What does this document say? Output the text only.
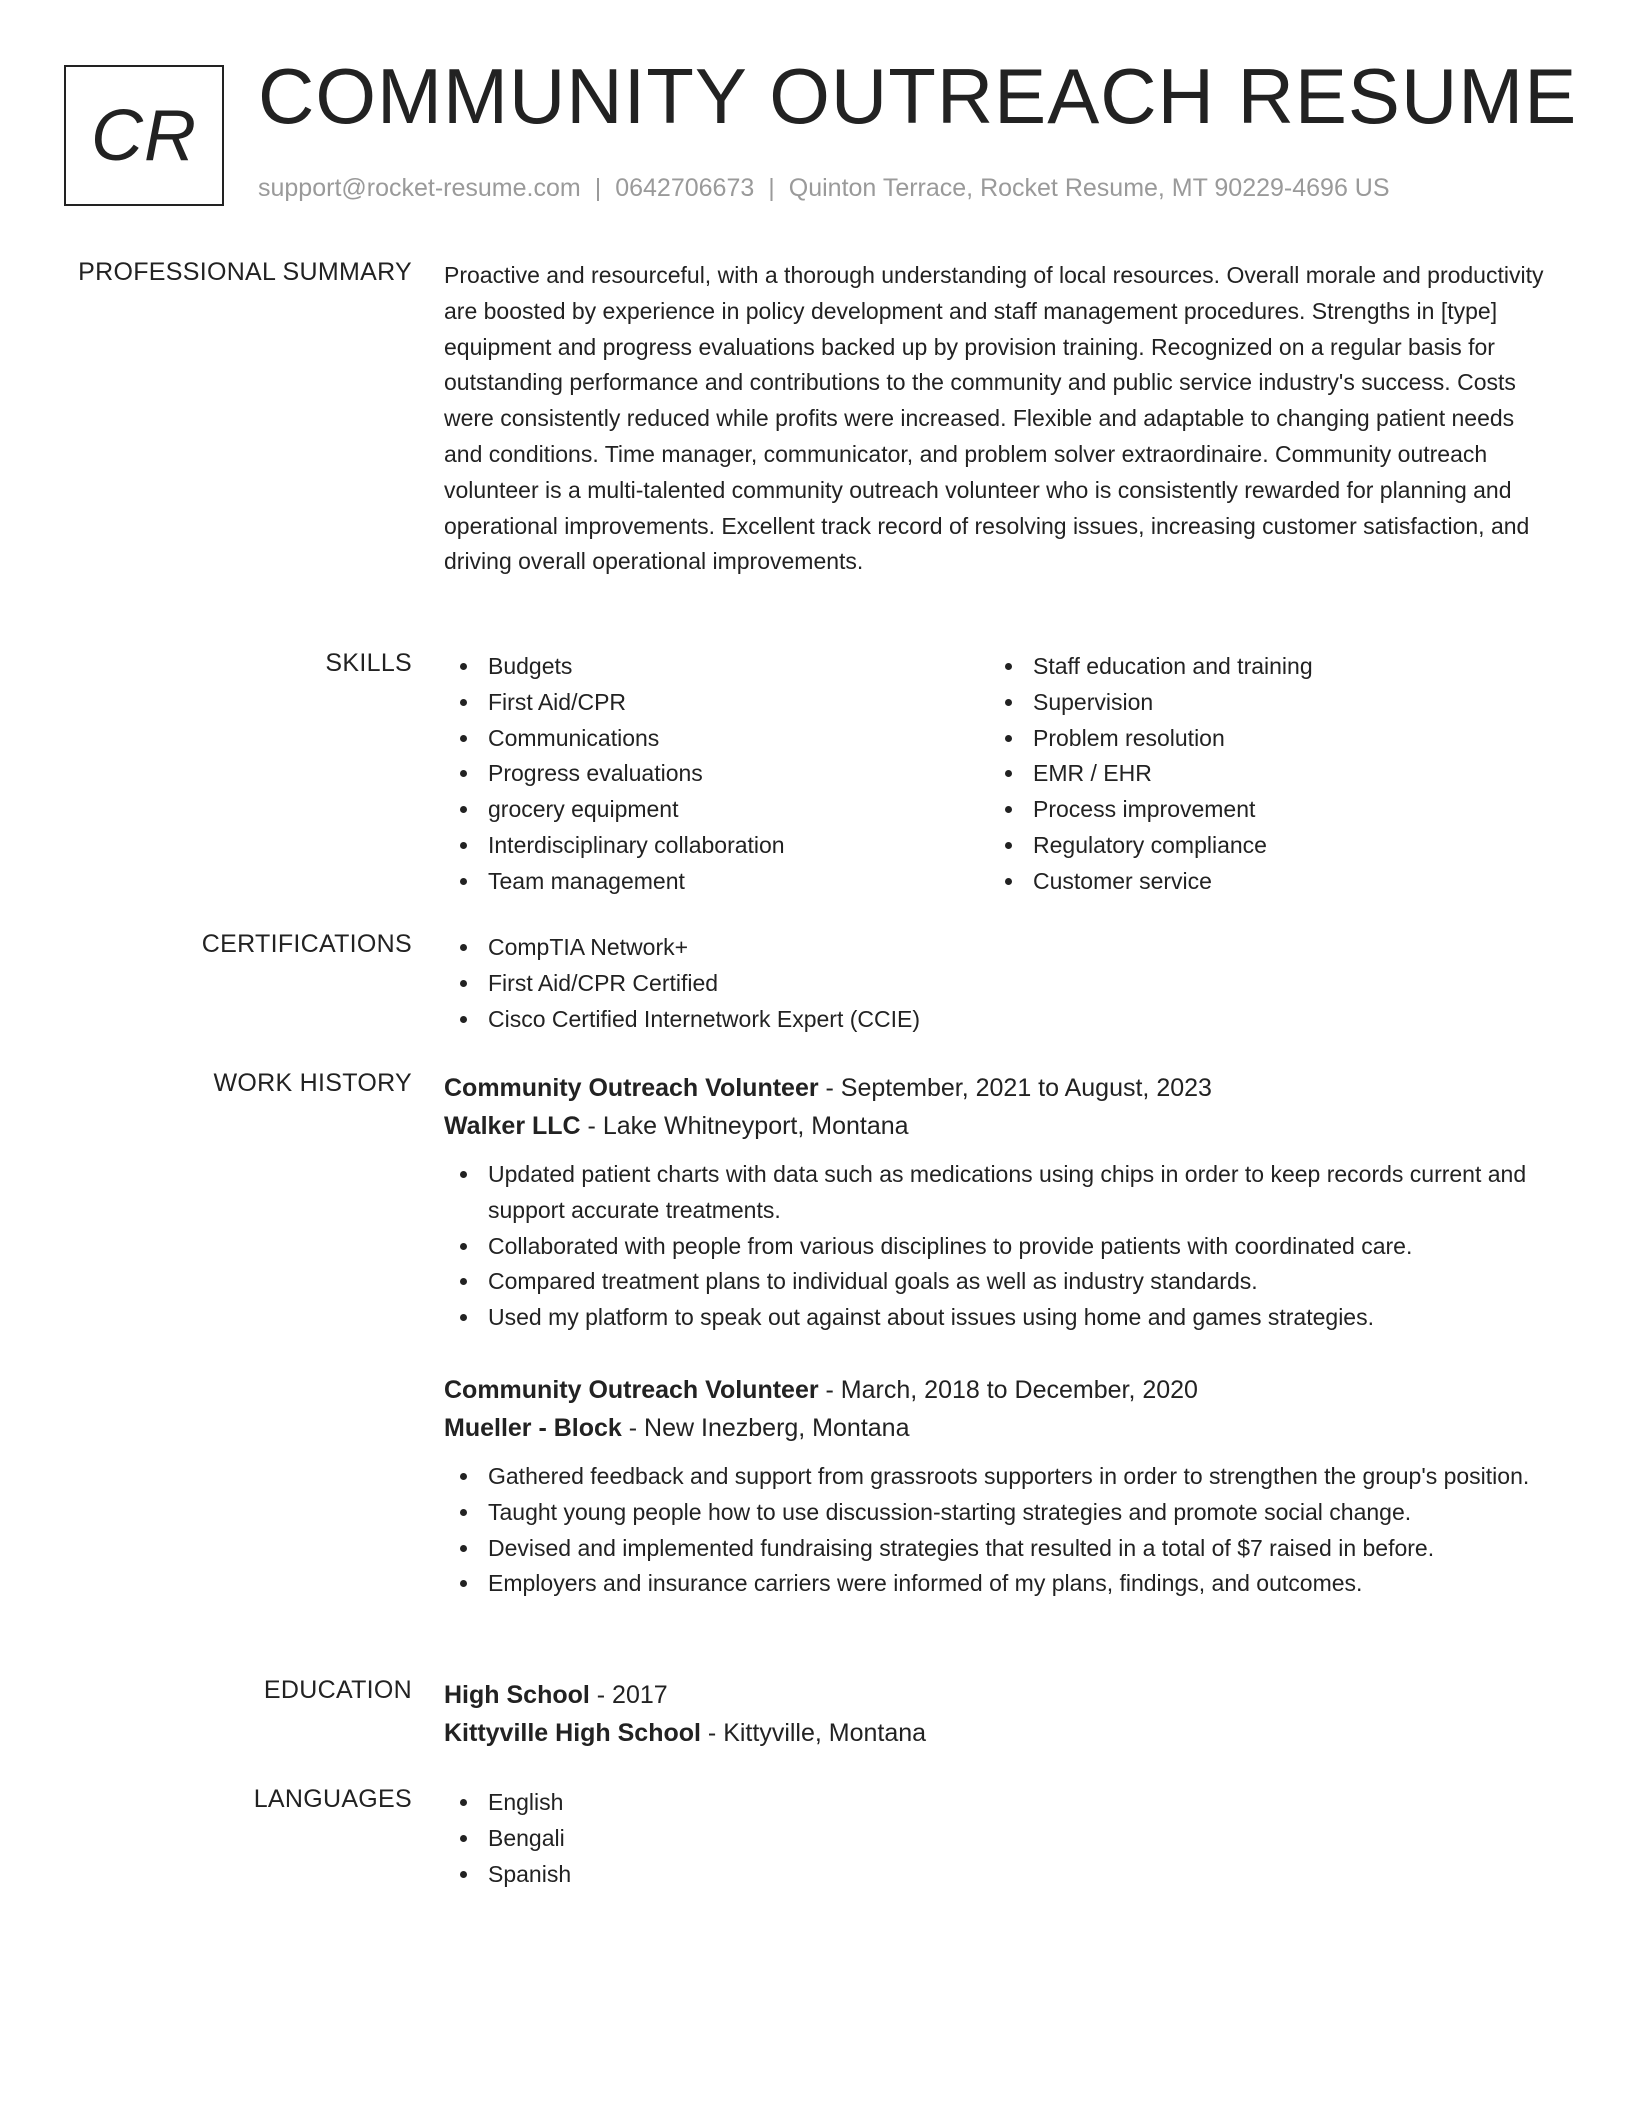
CR COMMUNITY OUTREACH RESUME
support@rocket-resume.com | 0642706673 | Quinton Terrace, Rocket Resume, MT 90229-4696 US
PROFESSIONAL SUMMARY Proactive and resourceful, with a thorough understanding of local resources. Overall morale and productivity are boosted by experience in policy development and staff management procedures. Strengths in [type] equipment and progress evaluations backed up by provision training. Recognized on a regular basis for outstanding performance and contributions to the community and public service industry's success. Costs were consistently reduced while profits were increased. Flexible and adaptable to changing patient needs and conditions. Time manager, communicator, and problem solver extraordinaire. Community outreach volunteer is a multi-talented community outreach volunteer who is consistently rewarded for planning and operational improvements. Excellent track record of resolving issues, increasing customer satisfaction, and driving overall operational improvements.
SKILLS	Budgets
First Aid/CPR
Communications
Progress evaluations
grocery equipment
Interdisciplinary collaboration
Team management
Staff education and training
Supervision
Problem resolution
EMR / EHR
Process improvement
Regulatory compliance
Customer service
CERTIFICATIONS	CompTIA Network+
First Aid/CPR Certified
Cisco Certified Internetwork Expert (CCIE)
WORK HISTORY Community Outreach Volunteer - September, 2021 to August, 2023
Walker LLC - Lake Whitneyport, Montana
Updated patient charts with data such as medications using chips in order to keep records current and support accurate treatments.
Collaborated with people from various disciplines to provide patients with coordinated care.
Compared treatment plans to individual goals as well as industry standards.
Used my platform to speak out against about issues using home and games strategies.
Community Outreach Volunteer - March, 2018 to December, 2020
Mueller - Block - New Inezberg, Montana
Gathered feedback and support from grassroots supporters in order to strengthen the group's position.
Taught young people how to use discussion-starting strategies and promote social change.
Devised and implemented fundraising strategies that resulted in a total of $7 raised in before.
Employers and insurance carriers were informed of my plans, findings, and outcomes.
EDUCATION High School - 2017
Kittyville High School - Kittyville, Montana
LANGUAGES	English
Bengali
Spanish
